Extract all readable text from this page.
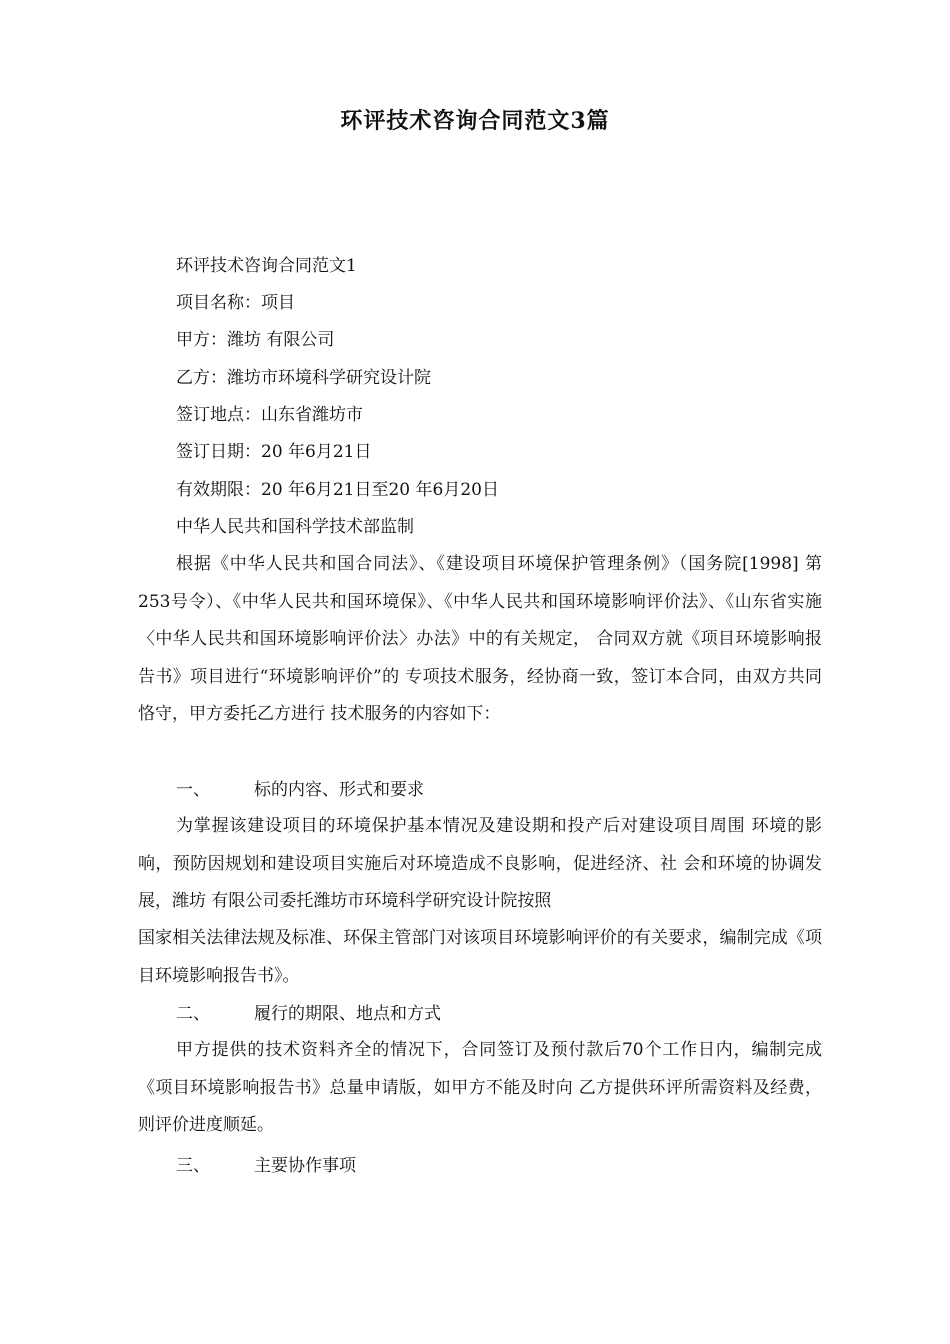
环评技术咨询合同范文3篇

环评技术咨询合同范文1

项目名称：项目

甲方：潍坊 有限公司

乙方：潍坊市环境科学研究设计院

签订地点：山东省潍坊市

签订日期：20 年6月21日

有效期限：20 年6月21日至20 年6月20日

中华人民共和国科学技术部监制

根据《中华人民共和国合同法》、《建设项目环境保护管理条例》（国务院[1998] 第253号令）、《中华人民共和国环境保》、《中华人民共和国环境影响评价法》、《山东省实施〈中华人民共和国环境影响评价法〉办法》中的有关规定， 合同双方就《项目环境影响报告书》项目进行“环境影响评价”的 专项技术服务，经协商一致，签订本合同，由双方共同恪守，甲方委托乙方进行 技术服务的内容如下：

一、	标的内容、形式和要求

为掌握该建设项目的环境保护基本情况及建设期和投产后对建设项目周围 环境的影响，预防因规划和建设项目实施后对环境造成不良影响，促进经济、社 会和环境的协调发展，潍坊 有限公司委托潍坊市环境科学研究设计院按照

国家相关法律法规及标准、环保主管部门对该项目环境影响评价的有关要求，编制完成《项目环境影响报告书》。

二、	履行的期限、地点和方式

甲方提供的技术资料齐全的情况下，合同签订及预付款后70个工作日内，编制完成《项目环境影响报告书》总量申请版，如甲方不能及时向 乙方提供环评所需资料及经费，则评价进度顺延。

三、	主要协作事项
